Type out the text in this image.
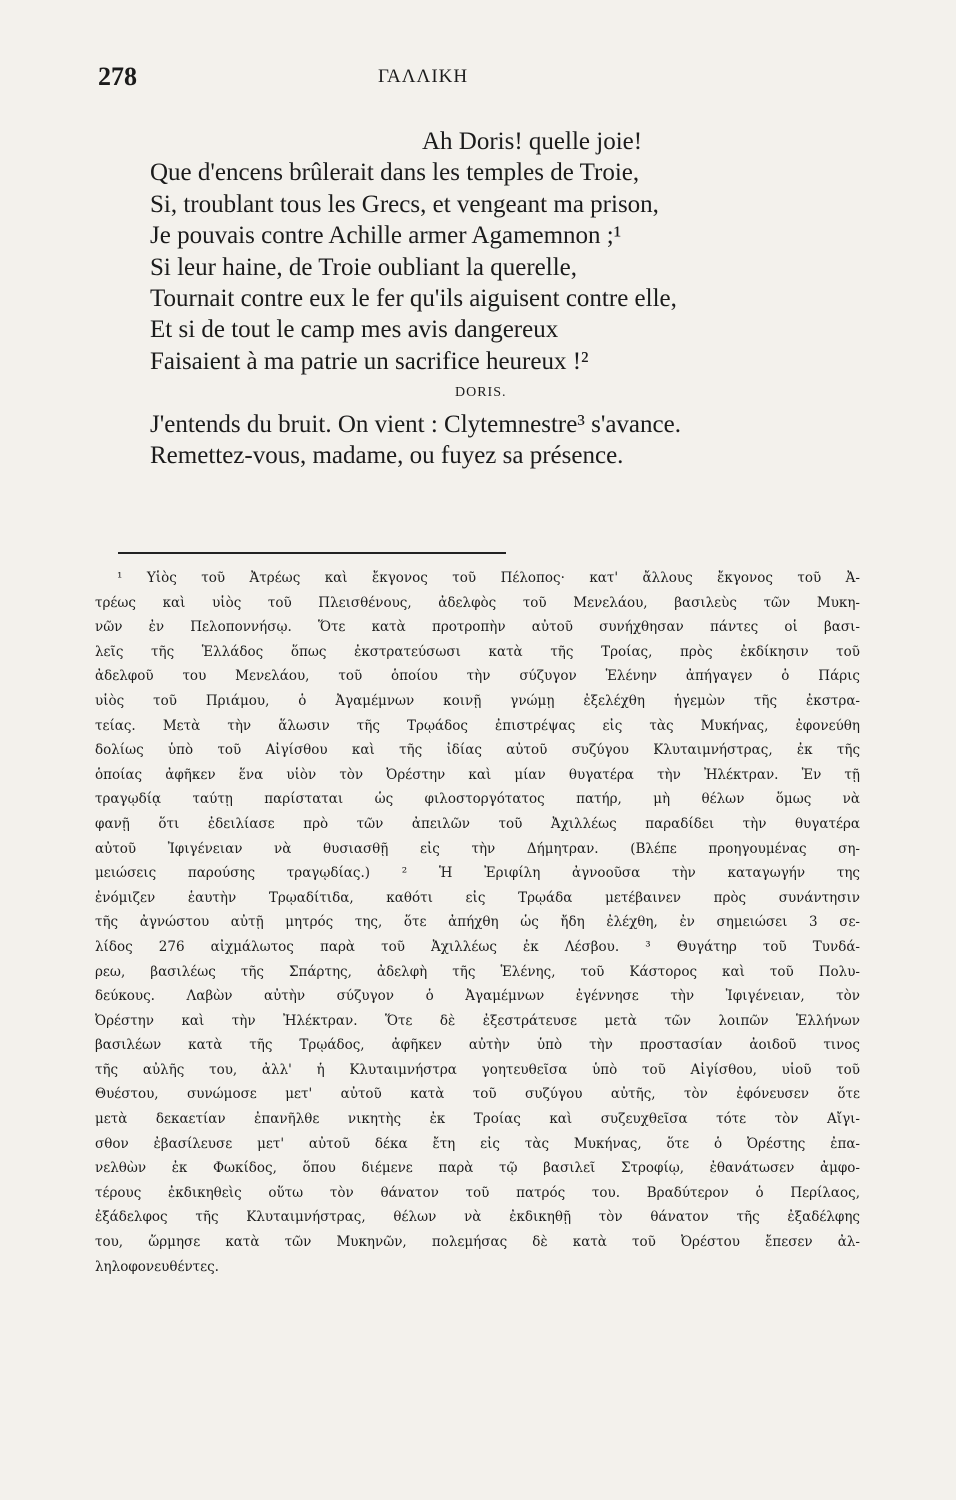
278	ΓΑΛΛΙΚΗ
Ah Doris! quelle joie!
Que d'encens brûlerait dans les temples de Troie,
Si, troublant tous les Grecs, et vengeant ma prison,
Je pouvais contre Achille armer Agamemnon ;¹
Si leur haine, de Troie oubliant la querelle,
Tournait contre eux le fer qu'ils aiguisent contre elle,
Et si de tout le camp mes avis dangereux
Faisaient à ma patrie un sacrifice heureux !²
DORIS.
J'entends du bruit. On vient : Clytemnestre³ s'avance.
Remettez-vous, madame, ou fuyez sa présence.
¹ Υἱὸς τοῦ Ἀτρέως καὶ ἔκγονος τοῦ Πέλοπος· κατ' ἄλλους ἔκγονος τοῦ Ἀ-
τρέως καὶ υἱὸς τοῦ Πλεισθένους, ἀδελφὸς τοῦ Μενελάου, βασιλεὺς τῶν Μυκη-
νῶν ἐν Πελοποννήσῳ. Ὅτε κατὰ προτροπὴν αὐτοῦ συνήχθησαν πάντες οἱ βασι-
λεῖς τῆς Ἑλλάδος ὅπως ἐκστρατεύσωσι κατὰ τῆς Τροίας, πρὸς ἐκδίκησιν τοῦ
ἀδελφοῦ του Μενελάου, τοῦ ὁποίου τὴν σύζυγον Ἑλένην ἀπήγαγεν ὁ Πάρις
υἱὸς τοῦ Πριάμου, ὁ Ἀγαμέμνων κοινῇ γνώμῃ ἐξελέχθη ἡγεμὼν τῆς ἐκστρα-
τείας. Μετὰ τὴν ἅλωσιν τῆς Τρῳάδος ἐπιστρέψας εἰς τὰς Μυκήνας, ἐφονεύθη
δολίως ὑπὸ τοῦ Αἰγίσθου καὶ τῆς ἰδίας αὐτοῦ συζύγου Κλυταιμνήστρας, ἐκ τῆς
ὁποίας ἀφῆκεν ἕνα υἱὸν τὸν Ὀρέστην καὶ μίαν θυγατέρα τὴν Ἠλέκτραν. Ἐν τῇ
τραγῳδίᾳ ταύτῃ παρίσταται ὡς φιλοστοργότατος πατήρ, μὴ θέλων ὅμως νὰ
φανῇ ὅτι ἐδειλίασε πρὸ τῶν ἀπειλῶν τοῦ Ἀχιλλέως παραδίδει τὴν θυγατέρα
αὐτοῦ Ἰφιγένειαν νὰ θυσιασθῇ εἰς τὴν Δήμητραν. (Βλέπε προηγουμένας ση-
μειώσεις παρούσης τραγῳδίας.) ² Ἡ Ἐριφίλη ἀγνοοῦσα τὴν καταγωγήν της
ἐνόμιζεν ἑαυτὴν Τρῳαδίτιδα, καθότι εἰς Τρῳάδα μετέβαινεν πρὸς συνάντησιν
τῆς ἀγνώστου αὐτῇ μητρός της, ὅτε ἀπήχθη ὡς ἤδη ἐλέχθη, ἐν σημειώσει 3 σε-
λίδος 276 αἰχμάλωτος παρὰ τοῦ Ἀχιλλέως ἐκ Λέσβου. ³ Θυγάτηρ τοῦ Τυνδά-
ρεω, βασιλέως τῆς Σπάρτης, ἀδελφὴ τῆς Ἑλένης, τοῦ Κάστορος καὶ τοῦ Πολυ-
δεύκους. Λαβὼν αὐτὴν σύζυγον ὁ Ἀγαμέμνων ἐγέννησε τὴν Ἰφιγένειαν, τὸν
Ὀρέστην καὶ τὴν Ἠλέκτραν. Ὅτε δὲ ἐξεστράτευσε μετὰ τῶν λοιπῶν Ἑλλήνων
βασιλέων κατὰ τῆς Τρῳάδος, ἀφῆκεν αὐτὴν ὑπὸ τὴν προστασίαν ἀοιδοῦ τινος
τῆς αὐλῆς του, ἀλλ' ἡ Κλυταιμνήστρα γοητευθεῖσα ὑπὸ τοῦ Αἰγίσθου, υἱοῦ τοῦ
Θυέστου, συνώμοσε μετ' αὐτοῦ κατὰ τοῦ συζύγου αὐτῆς, τὸν ἐφόνευσεν ὅτε
μετὰ δεκαετίαν ἐπανῆλθε νικητὴς ἐκ Τροίας καὶ συζευχθεῖσα τότε τὸν Αἴγι-
σθον ἐβασίλευσε μετ' αὐτοῦ δέκα ἔτη εἰς τὰς Μυκήνας, ὅτε ὁ Ὀρέστης ἐπα-
νελθὼν ἐκ Φωκίδος, ὅπου διέμενε παρὰ τῷ βασιλεῖ Στροφίῳ, ἐθανάτωσεν ἀμφο-
τέρους ἐκδικηθεὶς οὕτω τὸν θάνατον τοῦ πατρός του. Βραδύτερον ὁ Περίλαος,
ἐξάδελφος τῆς Κλυταιμνήστρας, θέλων νὰ ἐκδικηθῇ τὸν θάνατον τῆς ἐξαδέλφης
του, ὥρμησε κατὰ τῶν Μυκηνῶν, πολεμήσας δὲ κατὰ τοῦ Ὀρέστου ἔπεσεν ἀλ-
ληλοφονευθέντες.
